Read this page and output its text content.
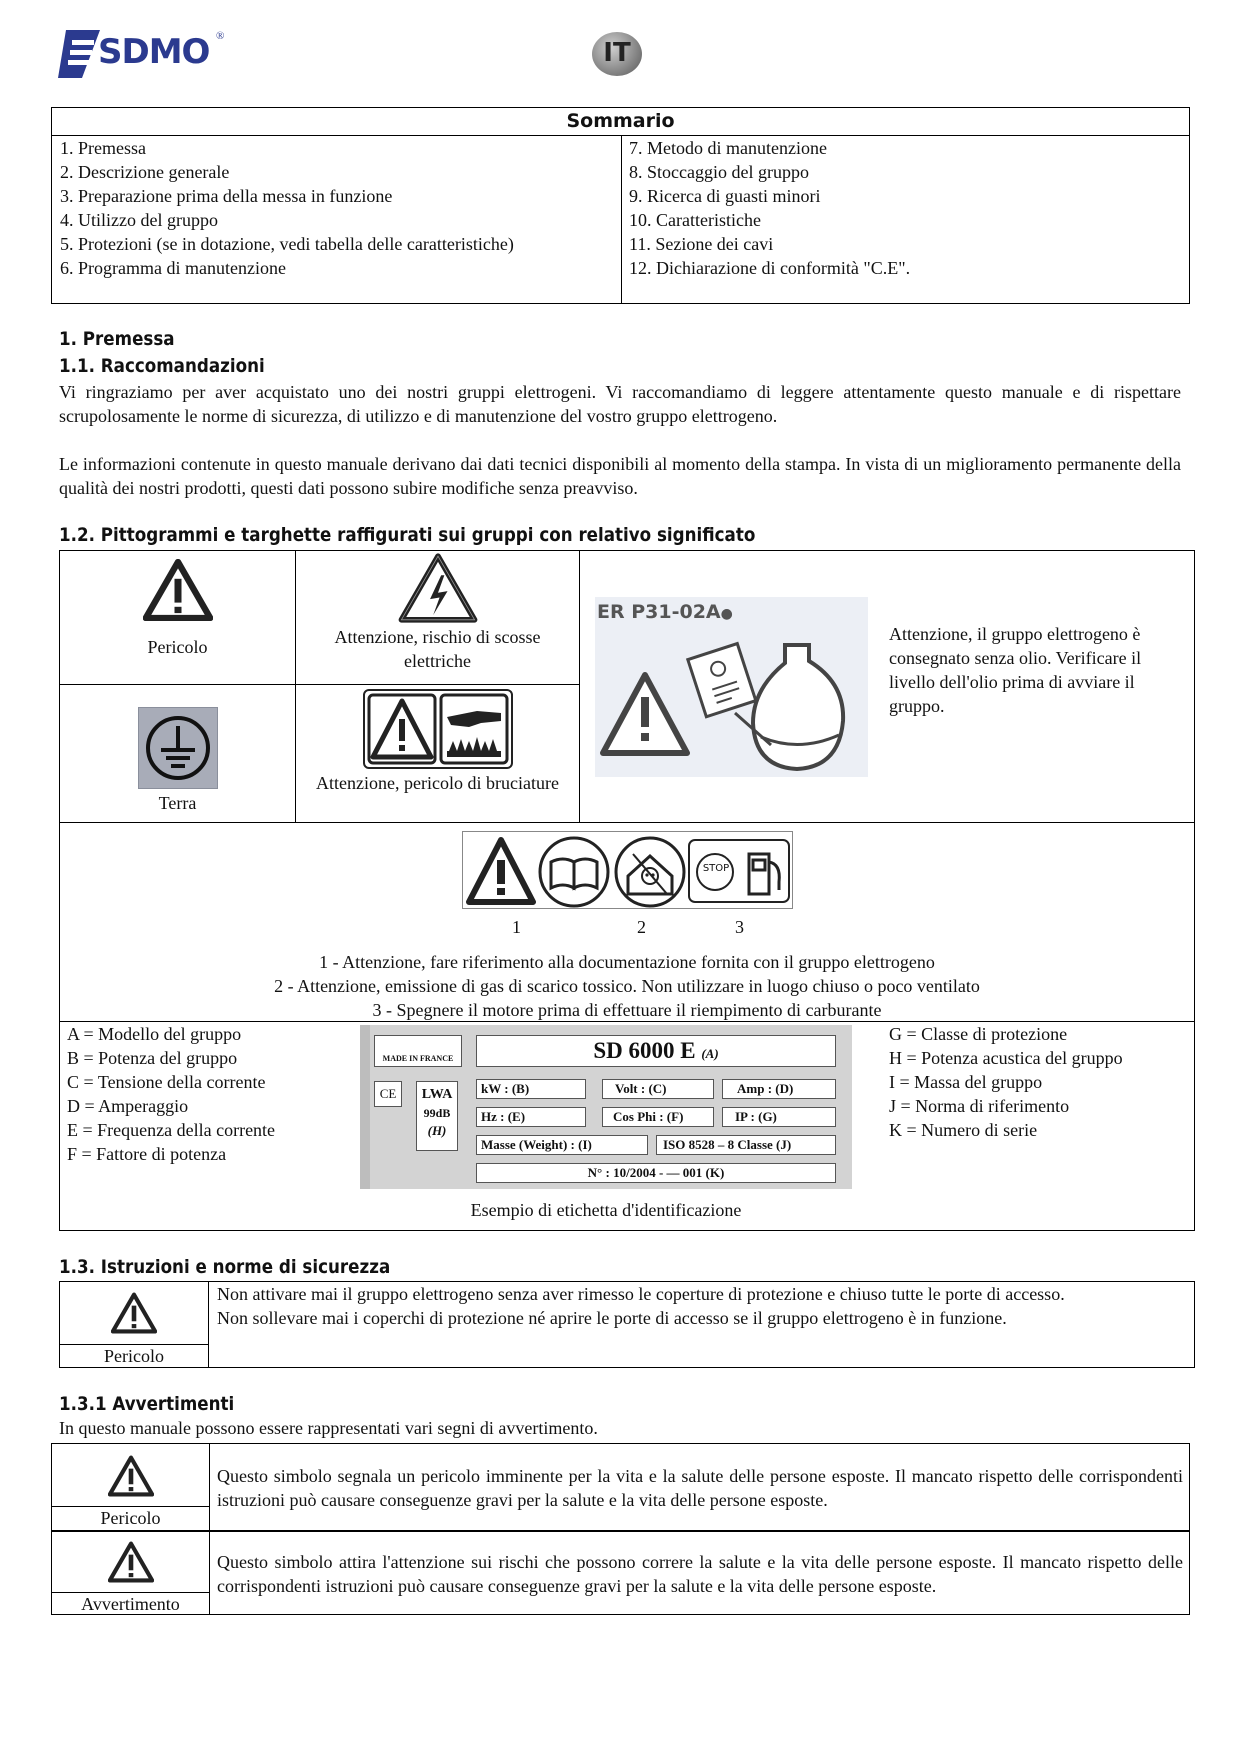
SDMO ®
IT
Sommario
1. Premessa
2. Descrizione generale
3. Preparazione prima della messa in funzione
4. Utilizzo del gruppo
5. Protezioni (se in dotazione, vedi tabella delle caratteristiche)
6. Programma di manutenzione
7. Metodo di manutenzione
8. Stoccaggio del gruppo
9. Ricerca di guasti minori
10. Caratteristiche
11. Sezione dei cavi
12. Dichiarazione di conformità "C.E".
1. Premessa
1.1. Raccomandazioni
Vi ringraziamo per aver acquistato uno dei nostri gruppi elettrogeni. Vi raccomandiamo di leggere attentamente questo manuale e di rispettare scrupolosamente le norme di sicurezza, di utilizzo e di manutenzione del vostro gruppo elettrogeno.
Le informazioni contenute in questo manuale derivano dai dati tecnici disponibili al momento della stampa. In vista di un miglioramento permanente della qualità dei nostri prodotti, questi dati possono subire modifiche senza preavviso.
1.2. Pittogrammi e targhette raffigurati sui gruppi con relativo significato
Pericolo	Attenzione, rischio di scosse elettriche
Terra
Attenzione, pericolo di bruciature
ER P31-02A●
Attenzione, il gruppo elettrogeno è consegnato senza olio. Verificare il livello dell'olio prima di avviare il gruppo.
STOP
1	2	3
1 - Attenzione, fare riferimento alla documentazione fornita con il gruppo elettrogeno
2 - Attenzione, emissione di gas di scarico tossico. Non utilizzare in luogo chiuso o poco ventilato
3 - Spegnere il motore prima di effettuare il riempimento di carburante
A = Modello del gruppo
B = Potenza del gruppo
C = Tensione della corrente
D = Amperaggio
E = Frequenza della corrente
F = Fattore di potenza
G = Classe di protezione
H = Potenza acustica del gruppo
I = Massa del gruppo
J = Norma di riferimento
K = Numero di serie
MADE IN FRANCE	SD 6000 E (A)
CE	LWA
99dB
(H)
kW : (B)	Volt : (C)	Amp : (D)
Hz : (E)	Cos Phi : (F)	IP : (G)
Masse (Weight) : (I)	ISO 8528 – 8 Classe (J)
N° : 10/2004 - — 001 (K)
Esempio di etichetta d'identificazione
1.3. Istruzioni e norme di sicurezza
Pericolo
Non attivare mai il gruppo elettrogeno senza aver rimesso le coperture di protezione e chiuso tutte le porte di accesso.
Non sollevare mai i coperchi di protezione né aprire le porte di accesso se il gruppo elettrogeno è in funzione.
1.3.1 Avvertimenti
In questo manuale possono essere rappresentati vari segni di avvertimento.
Pericolo
Questo simbolo segnala un pericolo imminente per la vita e la salute delle persone esposte. Il mancato rispetto delle corrispondenti istruzioni può causare conseguenze gravi per la salute e la vita delle persone esposte.
Avvertimento
Questo simbolo attira l'attenzione sui rischi che possono correre la salute e la vita delle persone esposte. Il mancato rispetto delle corrispondenti istruzioni può causare conseguenze gravi per la salute e la vita delle persone esposte.
